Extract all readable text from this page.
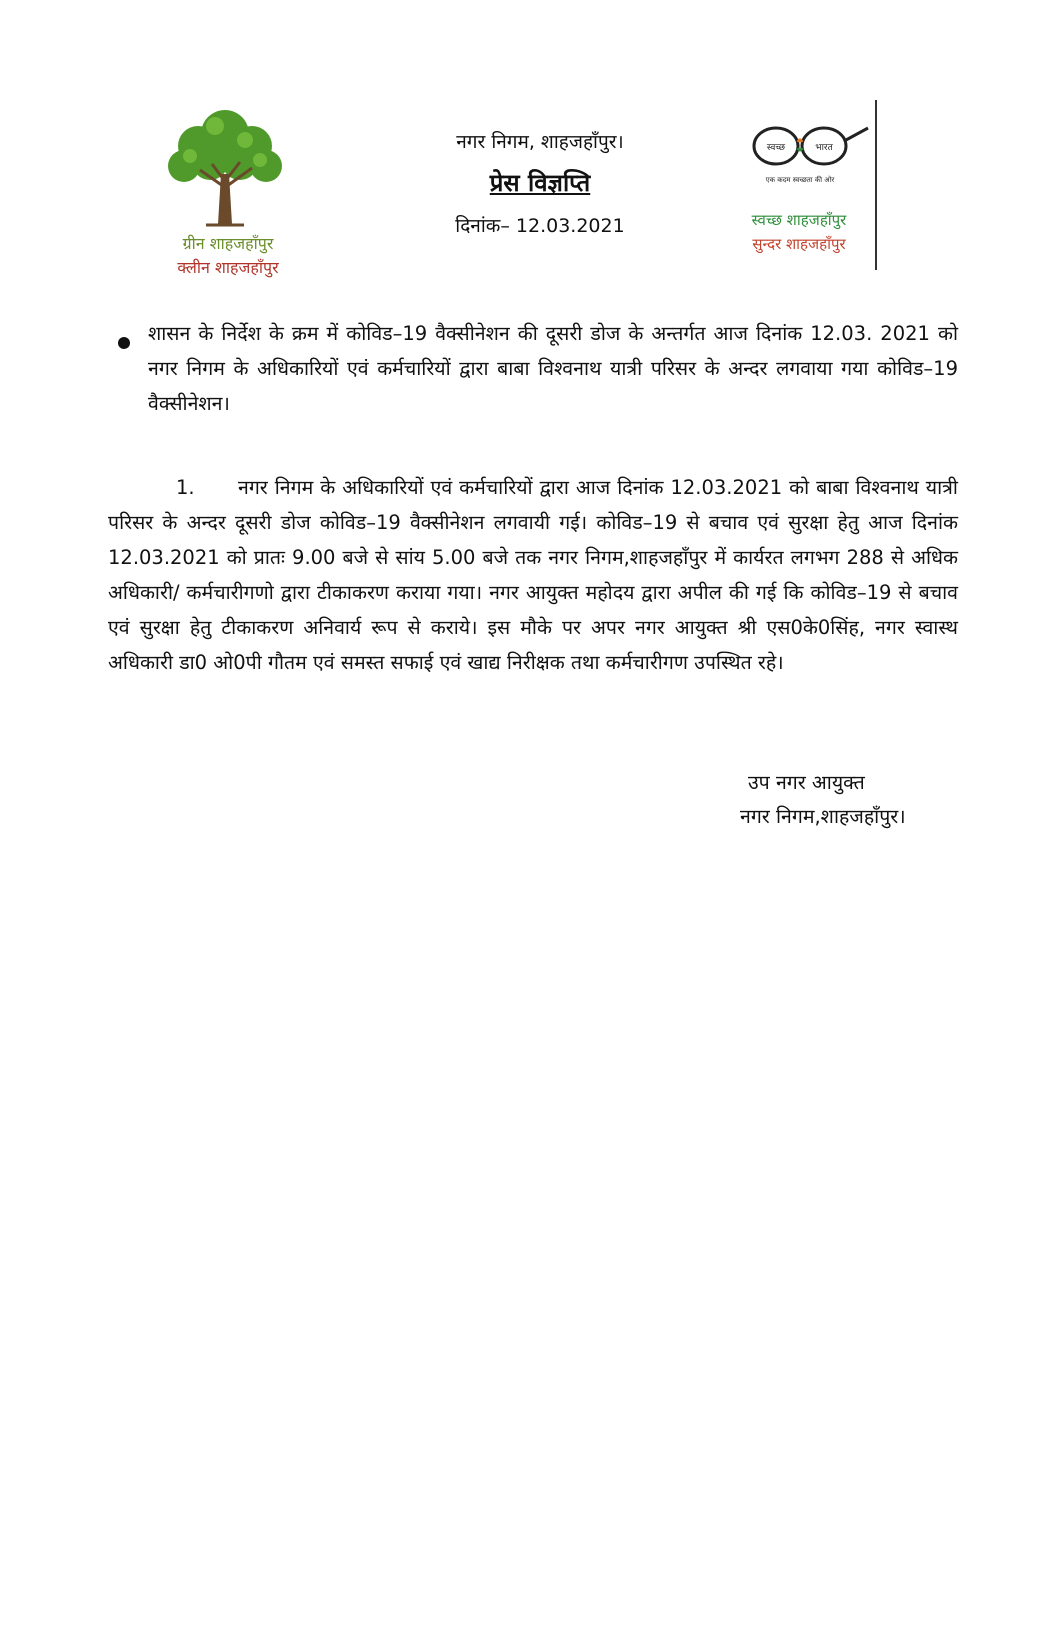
ग्रीन शाहजहाँपुर
क्लीन शाहजहाँपुर
नगर निगम, शाहजहाँपुर।
प्रेस विज्ञप्ति
दिनांक– 12.03.2021
स्वच्छ	भारत
एक कदम स्वच्छता की ओर
स्वच्छ शाहजहाँपुर
सुन्दर शाहजहाँपुर
शासन के निर्देश के क्रम में कोविड–19 वैक्सीनेशन की दूसरी डोज के अन्तर्गत आज दिनांक 12.03. 2021 को नगर निगम के अधिकारियों एवं कर्मचारियों द्वारा बाबा विश्वनाथ यात्री परिसर के अन्दर लगवाया गया कोविड–19 वैक्सीनेशन।
1.	नगर निगम के अधिकारियों एवं कर्मचारियों द्वारा आज दिनांक 12.03.2021 को बाबा विश्वनाथ यात्री परिसर के अन्दर दूसरी डोज कोविड–19 वैक्सीनेशन लगवायी गई। कोविड–19 से बचाव एवं सुरक्षा हेतु आज दिनांक 12.03.2021 को प्रातः 9.00 बजे से सांय 5.00 बजे तक नगर निगम,शाहजहाँपुर में कार्यरत लगभग 288 से अधिक अधिकारी/ कर्मचारीगणो द्वारा टीकाकरण कराया गया। नगर आयुक्त महोदय द्वारा अपील की गई कि कोविड–19 से बचाव एवं सुरक्षा हेतु टीकाकरण अनिवार्य रूप से कराये। इस मौके पर अपर नगर आयुक्त श्री एस0के0सिंह, नगर स्वास्थ अधिकारी डा0 ओ0पी गौतम एवं समस्त सफाई एवं खाद्य निरीक्षक तथा कर्मचारीगण उपस्थित रहे।
उप नगर आयुक्त
नगर निगम,शाहजहाँपुर।
